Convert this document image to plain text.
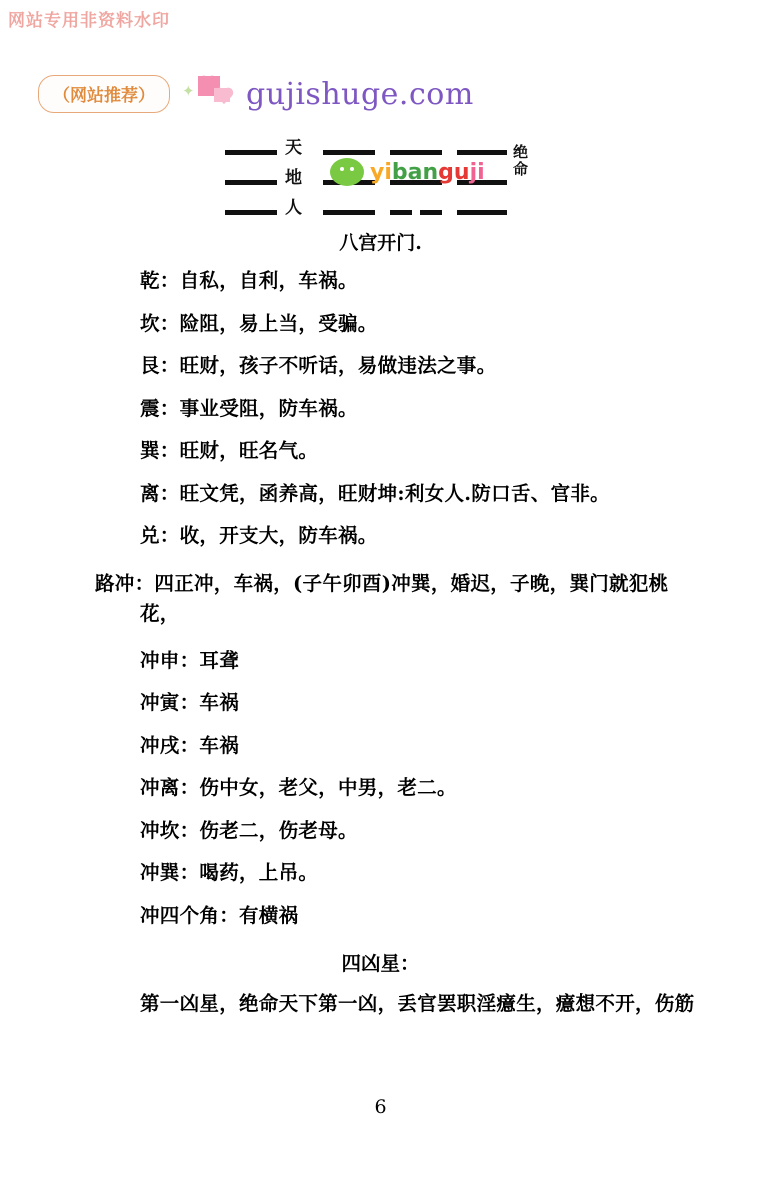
网站专用非资料水印
（网站推荐）	✦ gujishuge.com
天
地
人
绝
命
yibanguji

八宫开门.

乾：自私，自利，车祸。

坎：险阻，易上当，受骗。

艮：旺财，孩子不听话，易做违法之事。

震：事业受阻，防车祸。

巽：旺财，旺名气。

离：旺文凭，函养高，旺财坤:利女人.防口舌、官非。

兑：收，开支大，防车祸。

路冲：四正冲，车祸，(子午卯酉)冲巽，婚迟，子晚，巽门就犯桃花，

冲申：耳聋

冲寅：车祸

冲戌：车祸

冲离：伤中女，老父，中男，老二。

冲坎：伤老二，伤老母。

冲巽：喝药，上吊。

冲四个角：有横祸

四凶星：

第一凶星，绝命天下第一凶，丢官罢职淫癔生，癔想不开，伤筋

6
